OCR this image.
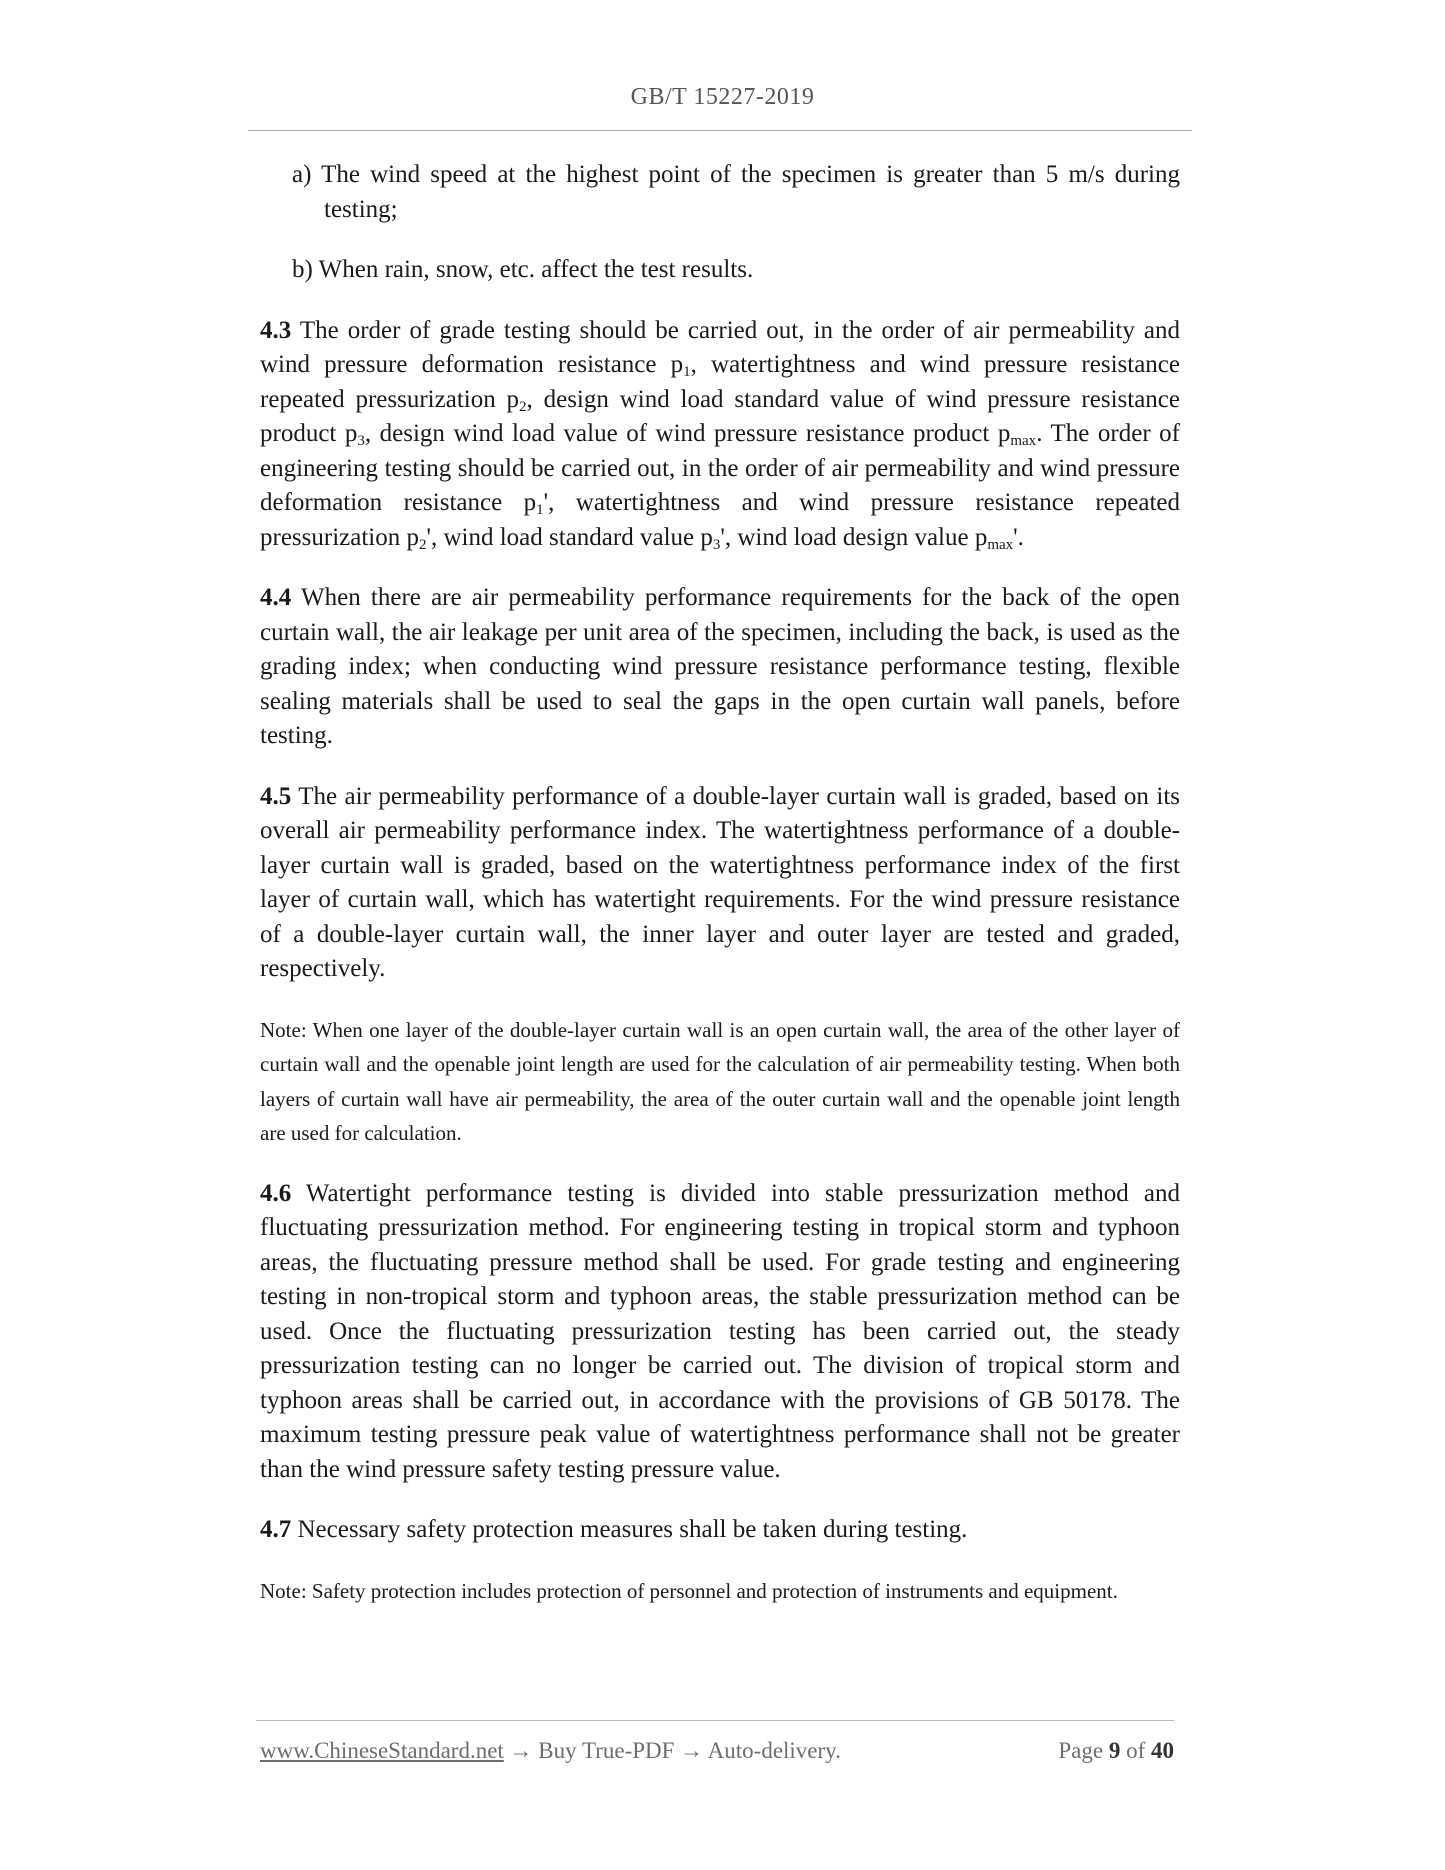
GB/T 15227-2019

a) The wind speed at the highest point of the specimen is greater than 5 m/s during testing;

b) When rain, snow, etc. affect the test results.

4.3 The order of grade testing should be carried out, in the order of air permeability and wind pressure deformation resistance $p_1$, watertightness and wind pressure resistance repeated pressurization $p_2$, design wind load standard value of wind pressure resistance product $p_3$, design wind load value of wind pressure resistance product $p_{max}$. The order of engineering testing should be carried out, in the order of air permeability and wind pressure deformation resistance $p_1'$, watertightness and wind pressure resistance repeated pressurization $p_2'$, wind load standard value $p_3'$, wind load design value $p_{max}'$.

4.4 When there are air permeability performance requirements for the back of the open curtain wall, the air leakage per unit area of the specimen, including the back, is used as the grading index; when conducting wind pressure resistance performance testing, flexible sealing materials shall be used to seal the gaps in the open curtain wall panels, before testing.

4.5 The air permeability performance of a double-layer curtain wall is graded, based on its overall air permeability performance index. The watertightness performance of a double-layer curtain wall is graded, based on the watertightness performance index of the first layer of curtain wall, which has watertight requirements. For the wind pressure resistance of a double-layer curtain wall, the inner layer and outer layer are tested and graded, respectively.

Note: When one layer of the double-layer curtain wall is an open curtain wall, the area of the other layer of curtain wall and the openable joint length are used for the calculation of air permeability testing. When both layers of curtain wall have air permeability, the area of the outer curtain wall and the openable joint length are used for calculation.

4.6 Watertight performance testing is divided into stable pressurization method and fluctuating pressurization method. For engineering testing in tropical storm and typhoon areas, the fluctuating pressure method shall be used. For grade testing and engineering testing in non-tropical storm and typhoon areas, the stable pressurization method can be used. Once the fluctuating pressurization testing has been carried out, the steady pressurization testing can no longer be carried out. The division of tropical storm and typhoon areas shall be carried out, in accordance with the provisions of GB 50178. The maximum testing pressure peak value of watertightness performance shall not be greater than the wind pressure safety testing pressure value.

4.7 Necessary safety protection measures shall be taken during testing.

Note: Safety protection includes protection of personnel and protection of instruments and equipment.

www.ChineseStandard.net → Buy True-PDF → Auto-delivery.	Page 9 of 40
